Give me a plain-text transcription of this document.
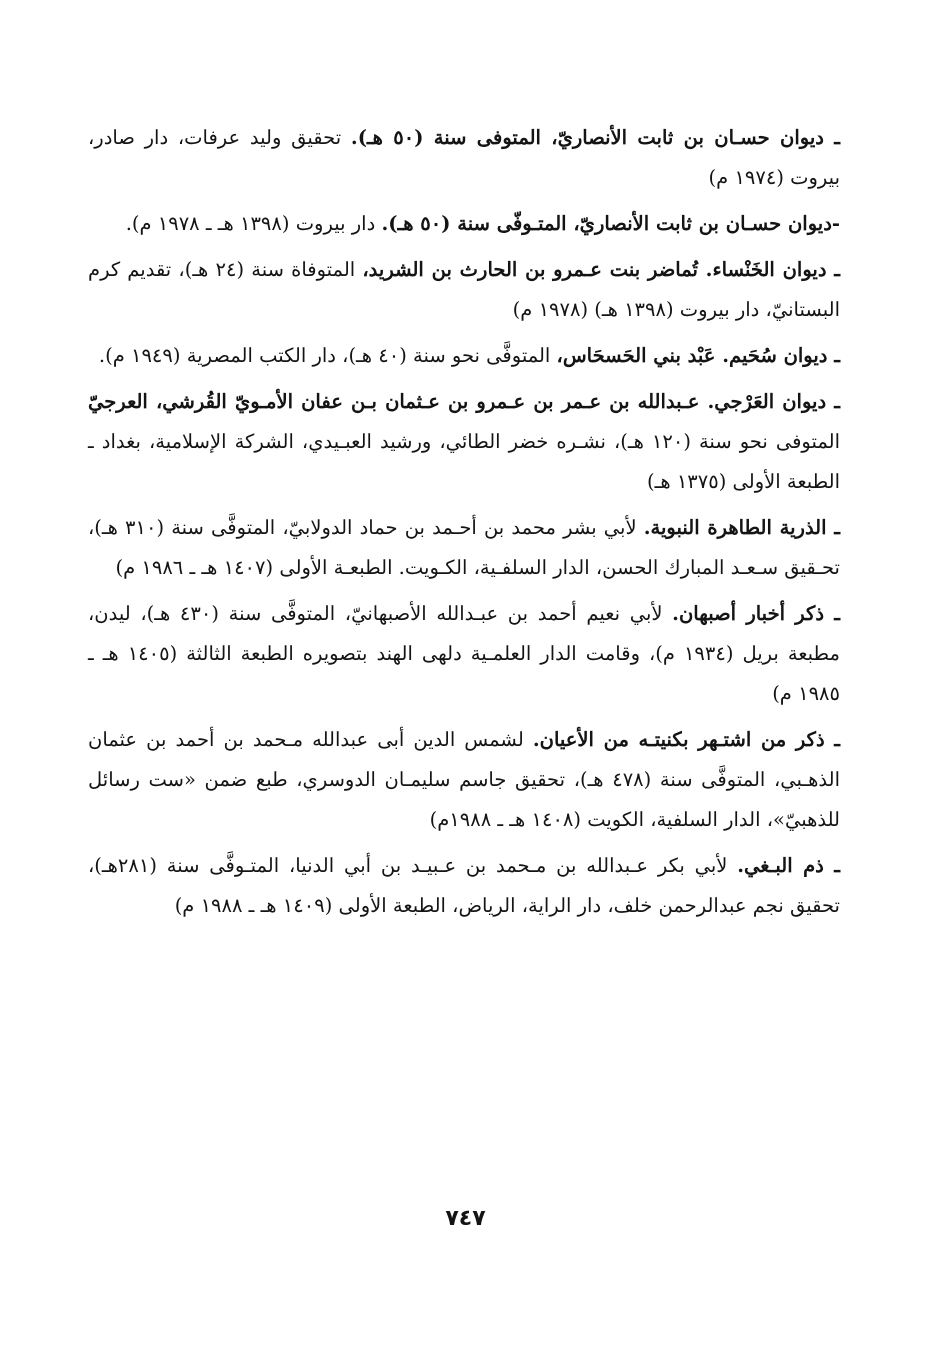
ـ ديوان حسـان بن ثابت الأنصاريّ، المتوفى سنة (٥٠ هـ). تحقيق وليد عرفات، دار صادر، بيروت (١٩٧٤ م)

-ديوان حسـان بن ثابت الأنصاريّ، المتـوفّى سنة (٥٠ هـ). دار بيروت (١٣٩٨ هـ ـ ١٩٧٨ م).

ـ ديوان الخَنْساء. تُماضر بنت عـمرو بن الحارث بن الشريد، المتوفاة سنة (٢٤ هـ)، تقديم كرم البستانيّ، دار بيروت (١٣٩٨ هـ) (١٩٧٨ م)

ـ ديوان سُحَيم. عَبْد بني الحَسحَاس، المتوفَّى نحو سنة (٤٠ هـ)، دار الكتب المصرية (١٩٤٩ م).

ـ ديوان العَرْجي. عـبدالله بن عـمر بن عـمرو بن عـثمان بـن عفان الأمـويّ القُرشي، العرجيّ المتوفى نحو سنة (١٢٠ هـ)، نشـره خضر الطائي، ورشيد العبـيدي، الشركة الإسلامية، بغداد ـ الطبعة الأولى (١٣٧٥ هـ)

ـ الذرية الطاهرة النبوية. لأبي بشر محمد بن أحـمد بن حماد الدولابيّ، المتوفَّى سنة (٣١٠ هـ)، تحـقيق سـعـد المبارك الحسن، الدار السلفـية، الكـويت. الطبعـة الأولى (١٤٠٧ هـ ـ ١٩٨٦ م)

ـ ذكر أخبار أصبهان. لأبي نعيم أحمد بن عبـدالله الأصبهانيّ، المتوفَّى سنة (٤٣٠ هـ)، ليدن، مطبعة بريل (١٩٣٤ م)، وقامت الدار العلمـية دلهى الهند بتصويره الطبعة الثالثة (١٤٠٥ هـ ـ ١٩٨٥ م)

ـ ذكر من اشتـهر بكنيتـه من الأعيان. لشمس الدين أبى عبدالله مـحمد بن أحمد بن عثمان الذهـبي، المتوفَّى سنة (٤٧٨ هـ)، تحقيق جاسم سليمـان الدوسري، طبع ضمن «ست رسائل للذهبيّ»، الدار السلفية، الكويت (١٤٠٨ هـ ـ ١٩٨٨م)

ـ ذم البـغي. لأبي بكر عـبدالله بن مـحمد بن عـبيـد بن أبي الدنيا، المتـوفَّى سنة (٢٨١هـ)، تحقيق نجم عبدالرحمن خلف، دار الراية، الرياض، الطبعة الأولى (١٤٠٩ هـ ـ ١٩٨٨ م)

٧٤٧
